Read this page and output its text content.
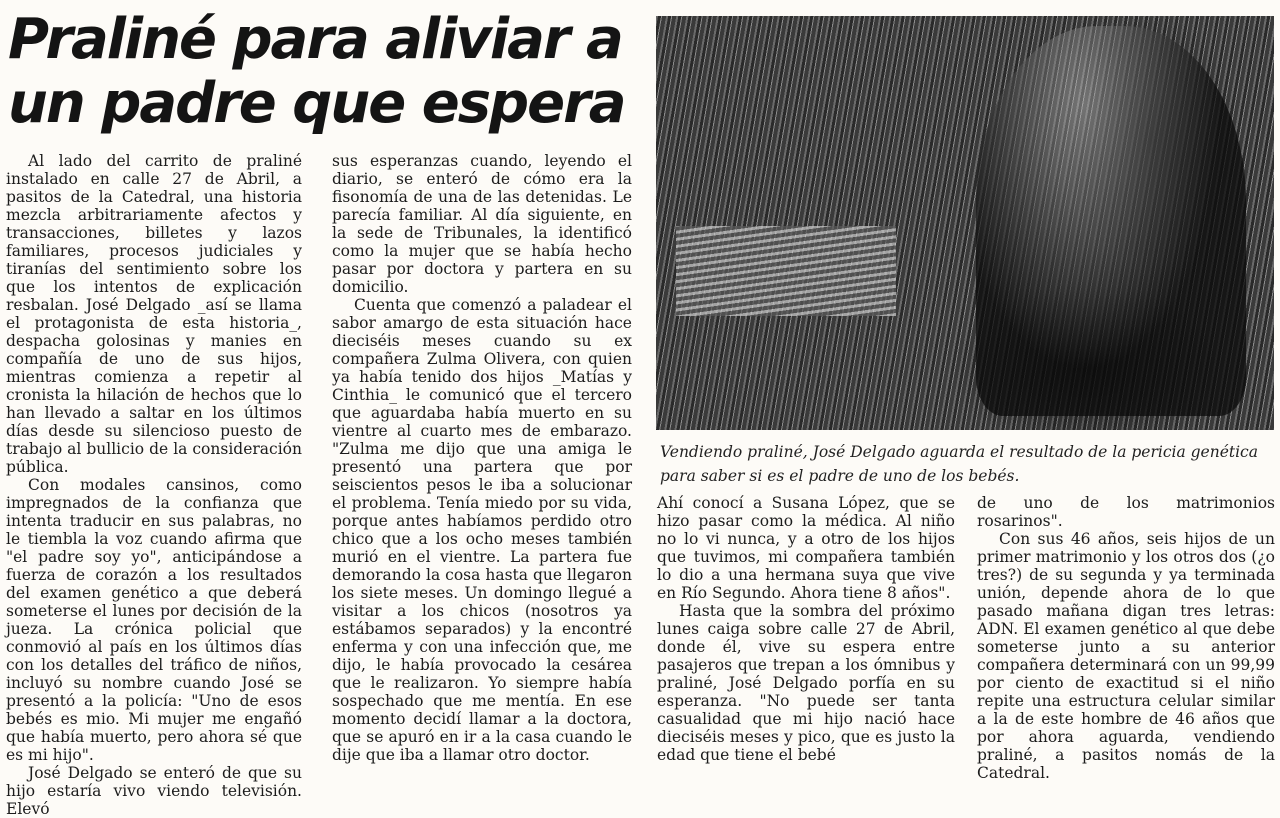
Praliné para aliviar a un padre que espera

Vendiendo praliné, José Delgado aguarda el resultado de la pericia genética para saber si es el padre de uno de los bebés.

Al lado del carrito de praliné instalado en calle 27 de Abril, a pasitos de la Catedral, una historia mezcla arbitrariamente afectos y transacciones, billetes y lazos familiares, procesos judiciales y tiranías del sentimiento sobre los que los intentos de explicación resbalan. José Delgado _así se llama el protagonista de esta historia_, despacha golosinas y manies en compañía de uno de sus hijos, mientras comienza a repetir al cronista la hilación de hechos que lo han llevado a saltar en los últimos días desde su silencioso puesto de trabajo al bullicio de la consideración pública.

Con modales cansinos, como impregnados de la confianza que intenta traducir en sus palabras, no le tiembla la voz cuando afirma que "el padre soy yo", anticipándose a fuerza de corazón a los resultados del examen genético a que deberá someterse el lunes por decisión de la jueza. La crónica policial que conmovió al país en los últimos días con los detalles del tráfico de niños, incluyó su nombre cuando José se presentó a la policía: "Uno de esos bebés es mio. Mi mujer me engañó que había muerto, pero ahora sé que es mi hijo".

José Delgado se enteró de que su hijo estaría vivo viendo televisión. Elevó

sus esperanzas cuando, leyendo el diario, se enteró de cómo era la fisonomía de una de las detenidas. Le parecía familiar. Al día siguiente, en la sede de Tribunales, la identificó como la mujer que se había hecho pasar por doctora y partera en su domicilio.

Cuenta que comenzó a paladear el sabor amargo de esta situación hace dieciséis meses cuando su ex compañera Zulma Olivera, con quien ya había tenido dos hijos _Matías y Cinthia_ le comunicó que el tercero que aguardaba había muerto en su vientre al cuarto mes de embarazo. "Zulma me dijo que una amiga le presentó una partera que por seiscientos pesos le iba a solucionar el problema. Tenía miedo por su vida, porque antes habíamos perdido otro chico que a los ocho meses también murió en el vientre. La partera fue demorando la cosa hasta que llegaron los siete meses. Un domingo llegué a visitar a los chicos (nosotros ya estábamos separados) y la encontré enferma y con una infección que, me dijo, le había provocado la cesárea que le realizaron. Yo siempre había sospechado que me mentía. En ese momento decidí llamar a la doctora, que se apuró en ir a la casa cuando le dije que iba a llamar otro doctor.

Ahí conocí a Susana López, que se hizo pasar como la médica. Al niño no lo vi nunca, y a otro de los hijos que tuvimos, mi compañera también lo dio a una hermana suya que vive en Río Segundo. Ahora tiene 8 años".

Hasta que la sombra del próximo lunes caiga sobre calle 27 de Abril, donde él, vive su espera entre pasajeros que trepan a los ómnibus y praliné, José Delgado porfía en su esperanza. "No puede ser tanta casualidad que mi hijo nació hace dieciséis meses y pico, que es justo la edad que tiene el bebé

de uno de los matrimonios rosarinos".

Con sus 46 años, seis hijos de un primer matrimonio y los otros dos (¿o tres?) de su segunda y ya terminada unión, depende ahora de lo que pasado mañana digan tres letras: ADN. El examen genético al que debe someterse junto a su anterior compañera determinará con un 99,99 por ciento de exactitud si el niño repite una estructura celular similar a la de este hombre de 46 años que por ahora aguarda, vendiendo praliné, a pasitos nomás de la Catedral.
